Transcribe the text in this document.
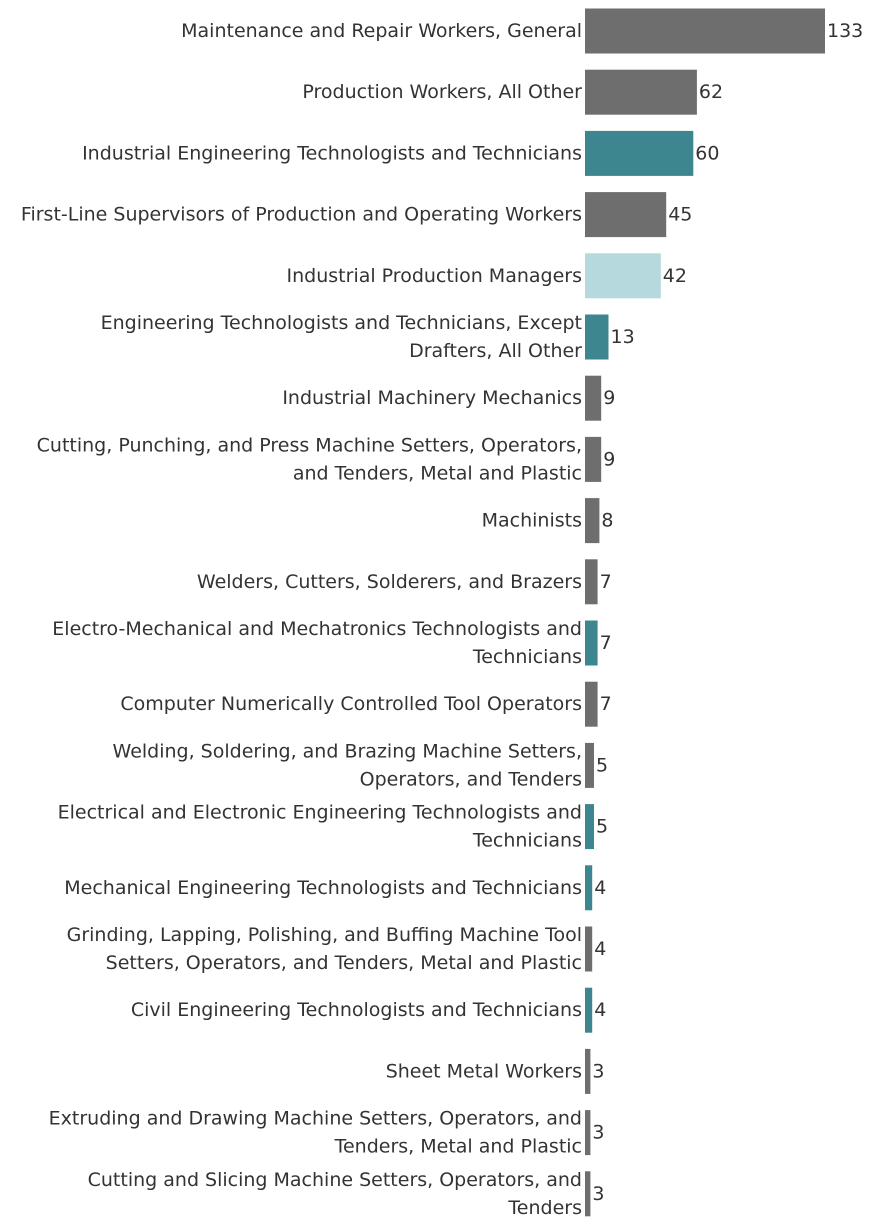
133
Maintenance and Repair Workers, General
62
Production Workers, All Other
60
Industrial Engineering Technologists and Technicians
45
First-Line Supervisors of Production and Operating Workers
42
Industrial Production Managers
13
Engineering Technologists and Technicians, Except
Drafters, All Other
9
Industrial Machinery Mechanics
9
Cutting, Punching, and Press Machine Setters, Operators,
and Tenders, Metal and Plastic
8
Machinists
7
Welders, Cutters, Solderers, and Brazers
7
Electro-Mechanical and Mechatronics Technologists and
Technicians
7
Computer Numerically Controlled Tool Operators
5
Welding, Soldering, and Brazing Machine Setters,
Operators, and Tenders
5
Electrical and Electronic Engineering Technologists and
Technicians
4
Mechanical Engineering Technologists and Technicians
4
Grinding, Lapping, Polishing, and Buffing Machine Tool
Setters, Operators, and Tenders, Metal and Plastic
4
Civil Engineering Technologists and Technicians
3
Sheet Metal Workers
3
Extruding and Drawing Machine Setters, Operators, and
Tenders, Metal and Plastic
3
Cutting and Slicing Machine Setters, Operators, and
Tenders
